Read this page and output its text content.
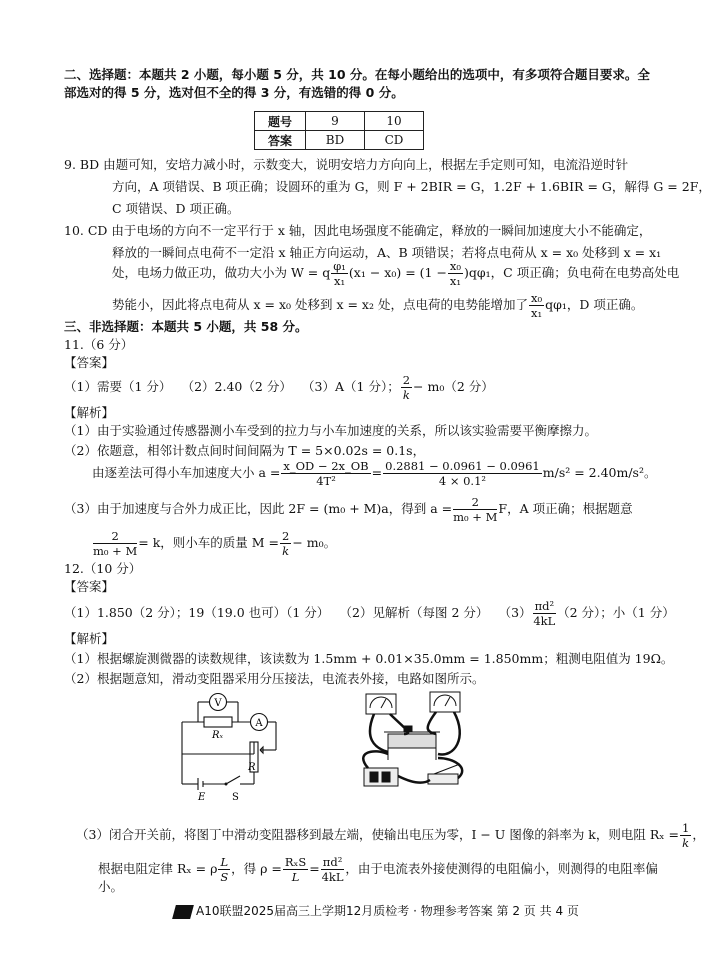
二、选择题：本题共 2 小题，每小题 5 分，共 10 分。在每小题给出的选项中，有多项符合题目要求。全
部选对的得 5 分，选对但不全的得 3 分，有选错的得 0 分。
题号	9	10
答案	BD	CD
9. BD 由题可知，安培力减小时，示数变大，说明安培力方向向上，根据左手定则可知，电流沿逆时针
方向，A 项错误、B 项正确；设圆环的重为 G，则 F + 2BIR = G，1.2F + 1.6BIR = G，解得 G = 2F，
C 项错误、D 项正确。
10. CD 由于电场的方向不一定平行于 x 轴，因此电场强度不能确定，释放的一瞬间加速度大小不能确定，
释放的一瞬间点电荷不一定沿 x 轴正方向运动，A、B 项错误；若将点电荷从 x = x₀ 处移到 x = x₁
处，电场力做正功，做功大小为 W = q $\frac{\text{φ₁}}{\text{x₁}} (x_1 - x_0) = (1 - \frac{\text{x₀}}{\text{x₁}} )q\varphi_1$，C 项正确；负电荷在电势高处电
势能小，因此将点电荷从 x = x₀ 处移到 x = x₂ 处，点电荷的电势能增加了 $\frac{\text{x₀}}{\text{x₁}} q\varphi_1$，D 项正确。
三、非选择题：本题共 5 小题，共 58 分。
11.（6 分）
【答案】
（1）需要（1 分）　 （2）2.40（2 分）　 （3）A（1 分）； $\frac{2}{k} - m_0(2$ 分）
【解析】
（1）由于实验通过传感器测小车受到的拉力与小车加速度的关系，所以该实验需要平衡摩擦力。
（2）依题意，相邻计数点间时间间隔为 T = 5×0.02s = 0.1s，
由逐差法可得小车加速度大小 $a = \frac{x\_OD - 2x\_OB}{\text{4T²}} = \frac{0.2881 - 0.0961 - 0.0961}{\text{4 × 0.1²}} m/s^2 = 2.40m/s^2$。
（3）由于加速度与合外力成正比，因此 2F = (m₀ + M)a，得到 $a = \frac{2}{\text{m₀ + M}}$ F，A 项正确；根据题意
$\frac{2}{\text{m₀ + M}} = k$，则小车的质量 $M = \frac{2}{k} - m_0$。
12.（10 分）
【答案】
（1）1.850（2 分）；19（19.0 也可）（1 分）　 （2）见解析（每图 2 分）　 $(3) \frac{\text{πd²}}{4kL} (2$ 分）；小（1 分）
【解析】
（1）根据螺旋测微器的读数规律，该读数为 1.5mm + 0.01×35.0mm = 1.850mm；粗测电阻值为 19Ω。
（2）根据题意知，滑动变阻器采用分压接法，电流表外接，电路如图所示。
V
A
Rₓ
R
E	S
（3）闭合开关前，将图丁中滑动变阻器移到最左端，使输出电压为零，I − U 图像的斜率为 k，则电阻 $R_x = \frac{1}{k}$ ，
根据电阻定律 Rₓ = ρ $\frac{L}{S}$ ，得 $\rho = \frac{\text{RₓS}}{L} = \frac{\text{πd²}}{4kL}$ ，由于电流表外接使测得的电阻偏小，则测得的电阻率偏
小。
A10联盟2025届高三上学期12月质检考 · 物理参考答案 第 2 页 共 4 页
